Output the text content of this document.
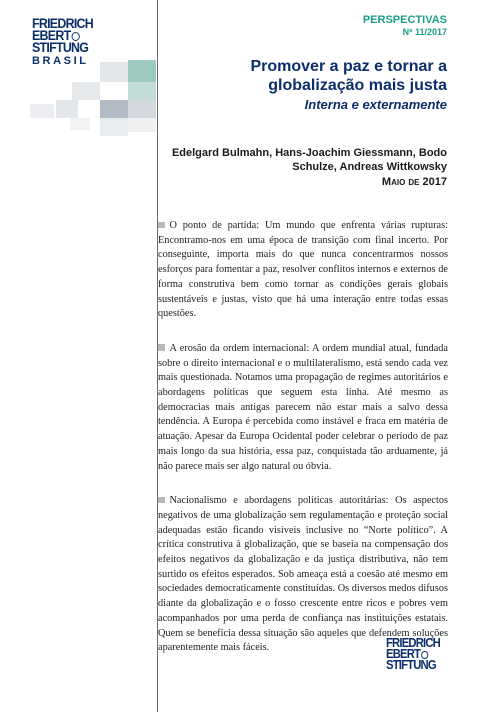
FRIEDRICH
EBERT
STIFTUNG
BRASIL
PERSPECTIVAS
Nº 11/2017
Promover a paz e tornar a globalização mais justa
Interna e externamente
Edelgard Bulmahn, Hans-Joachim Giessmann, Bodo Schulze, Andreas Wittkowsky
Maio de 2017

O ponto de partida: Um mundo que enfrenta várias rupturas: Encontramo-nos em uma época de transição com final incerto. Por conseguinte, importa mais do que nunca concentrarmos nossos esforços para fomentar a paz, resolver conflitos internos e externos de forma construtiva bem como tornar as condições gerais globais sustentáveis e justas, visto que há uma interação entre todas essas questões.

A erosão da ordem internacional: A ordem mundial atual, fundada sobre o direito internacional e o multilateralismo, está sendo cada vez mais questionada. Notamos uma propagação de regimes autoritários e abordagens políticas que seguem esta linha. Até mesmo as democracias mais antigas parecem não estar mais a salvo dessa tendência. A Europa é percebida como instável e fraca em matéria de atuação. Apesar da Europa Ocidental poder celebrar o período de paz mais longo da sua história, essa paz, conquistada tão arduamente, já não parece mais ser algo natural ou óbvia.

Nacionalismo e abordagens políticas autoritárias: Os aspectos negativos de uma globalização sem regulamentação e proteção social adequadas estão ficando visíveis inclusive no “Norte político”. A crítica construtiva à globalização, que se baseia na compensação dos efeitos negativos da globalização e da justiça distributiva, não tem surtido os efeitos esperados. Sob ameaça está a coesão até mesmo em sociedades democraticamente constituídas. Os diversos medos difusos diante da globalização e o fosso crescente entre ricos e pobres vem acompanhados por uma perda de confiança nas instituições estatais. Quem se beneficia dessa situação são aqueles que defendem soluções aparentemente mais fáceis.	FRIEDRICH
EBERT
STIFTUNG
